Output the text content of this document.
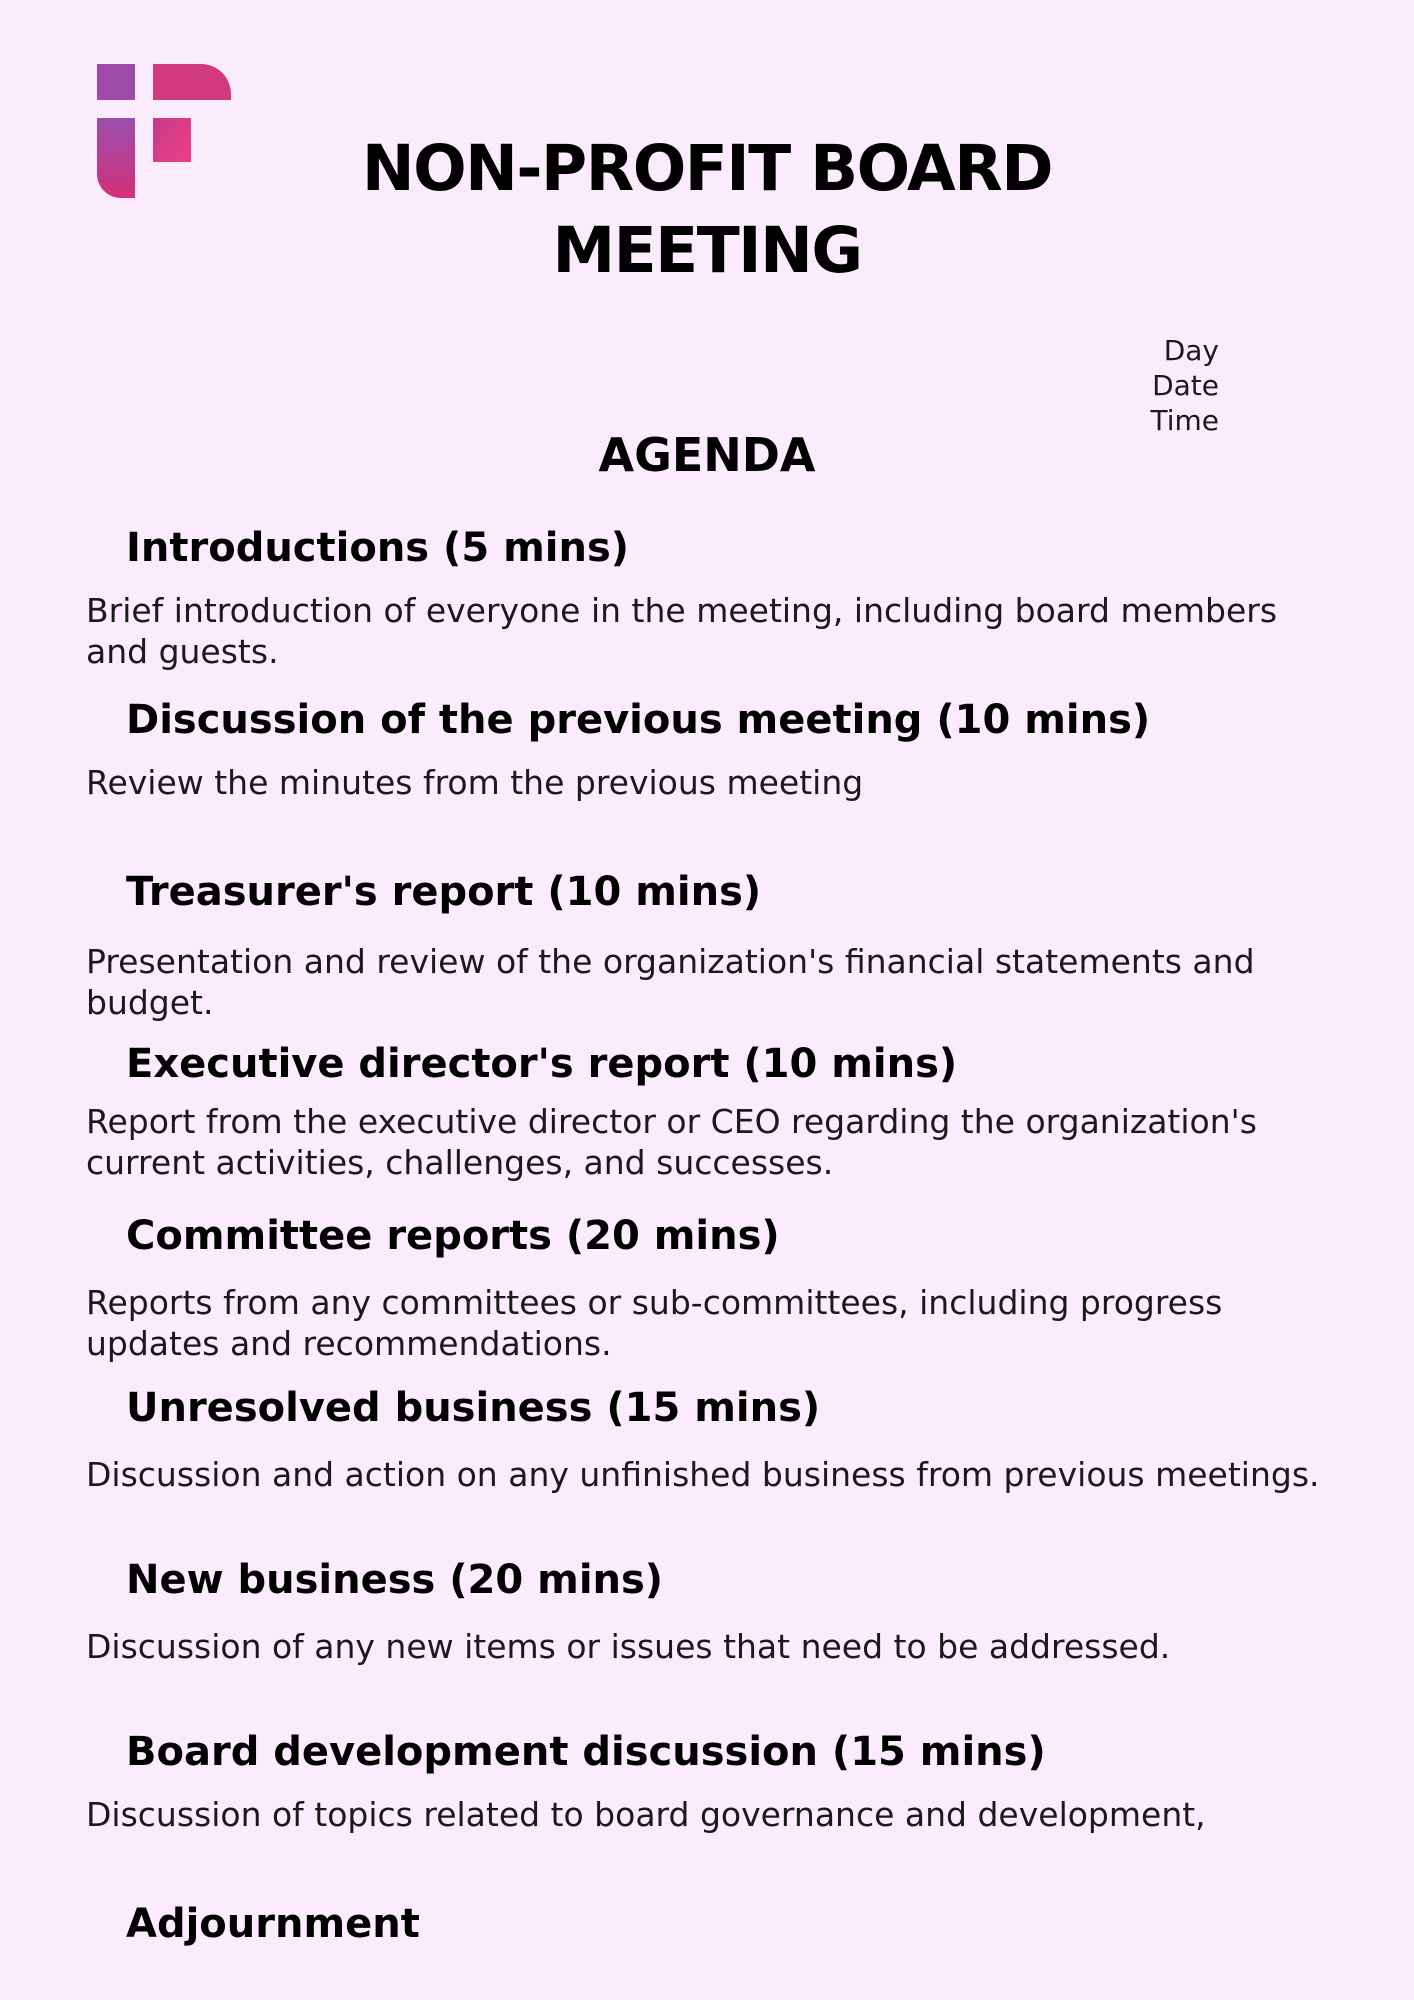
NON-PROFIT BOARD MEETING
Day
Date
Time
AGENDA
Introductions (5 mins)

Brief introduction of everyone in the meeting, including board members and guests.

Discussion of the previous meeting (10 mins)

Review the minutes from the previous meeting

Treasurer's report (10 mins)

Presentation and review of the organization's financial statements and budget.

Executive director's report (10 mins)

Report from the executive director or CEO regarding the organization's current activities, challenges, and successes.

Committee reports (20 mins)

Reports from any committees or sub-committees, including progress updates and recommendations.

Unresolved business (15 mins)

Discussion and action on any unfinished business from previous meetings.

New business (20 mins)

Discussion of any new items or issues that need to be addressed.

Board development discussion (15 mins)

Discussion of topics related to board governance and development,

Adjournment
